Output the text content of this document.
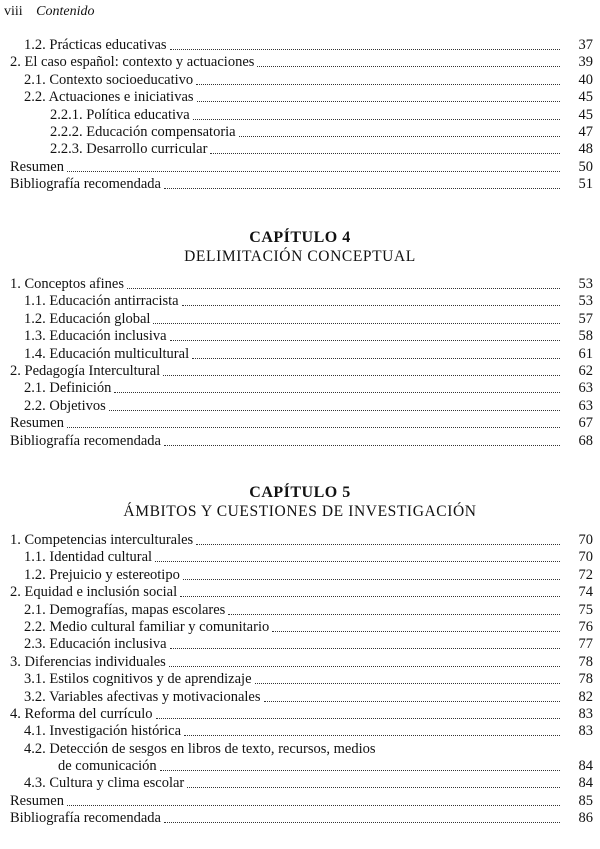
viii Contenido
1.2. Prácticas educativas	37
2. El caso español: contexto y actuaciones	39
2.1. Contexto socioeducativo	40
2.2. Actuaciones e iniciativas	45
2.2.1. Política educativa	45
2.2.2. Educación compensatoria	47
2.2.3. Desarrollo curricular	48
Resumen	50
Bibliografía recomendada	51
CAPÍTULO 4
DELIMITACIÓN CONCEPTUAL
1. Conceptos afines	53
1.1. Educación antirracista	53
1.2. Educación global	57
1.3. Educación inclusiva	58
1.4. Educación multicultural	61
2. Pedagogía Intercultural	62
2.1. Definición	63
2.2. Objetivos	63
Resumen	67
Bibliografía recomendada	68
CAPÍTULO 5
ÁMBITOS Y CUESTIONES DE INVESTIGACIÓN
1. Competencias interculturales	70
1.1. Identidad cultural	70
1.2. Prejuicio y estereotipo	72
2. Equidad e inclusión social	74
2.1. Demografías, mapas escolares	75
2.2. Medio cultural familiar y comunitario	76
2.3. Educación inclusiva	77
3. Diferencias individuales	78
3.1. Estilos cognitivos y de aprendizaje	78
3.2. Variables afectivas y motivacionales	82
4. Reforma del currículo	83
4.1. Investigación histórica	83
4.2. Detección de sesgos en libros de texto, recursos, medios
de comunicación	84
4.3. Cultura y clima escolar	84
Resumen	85
Bibliografía recomendada	86
